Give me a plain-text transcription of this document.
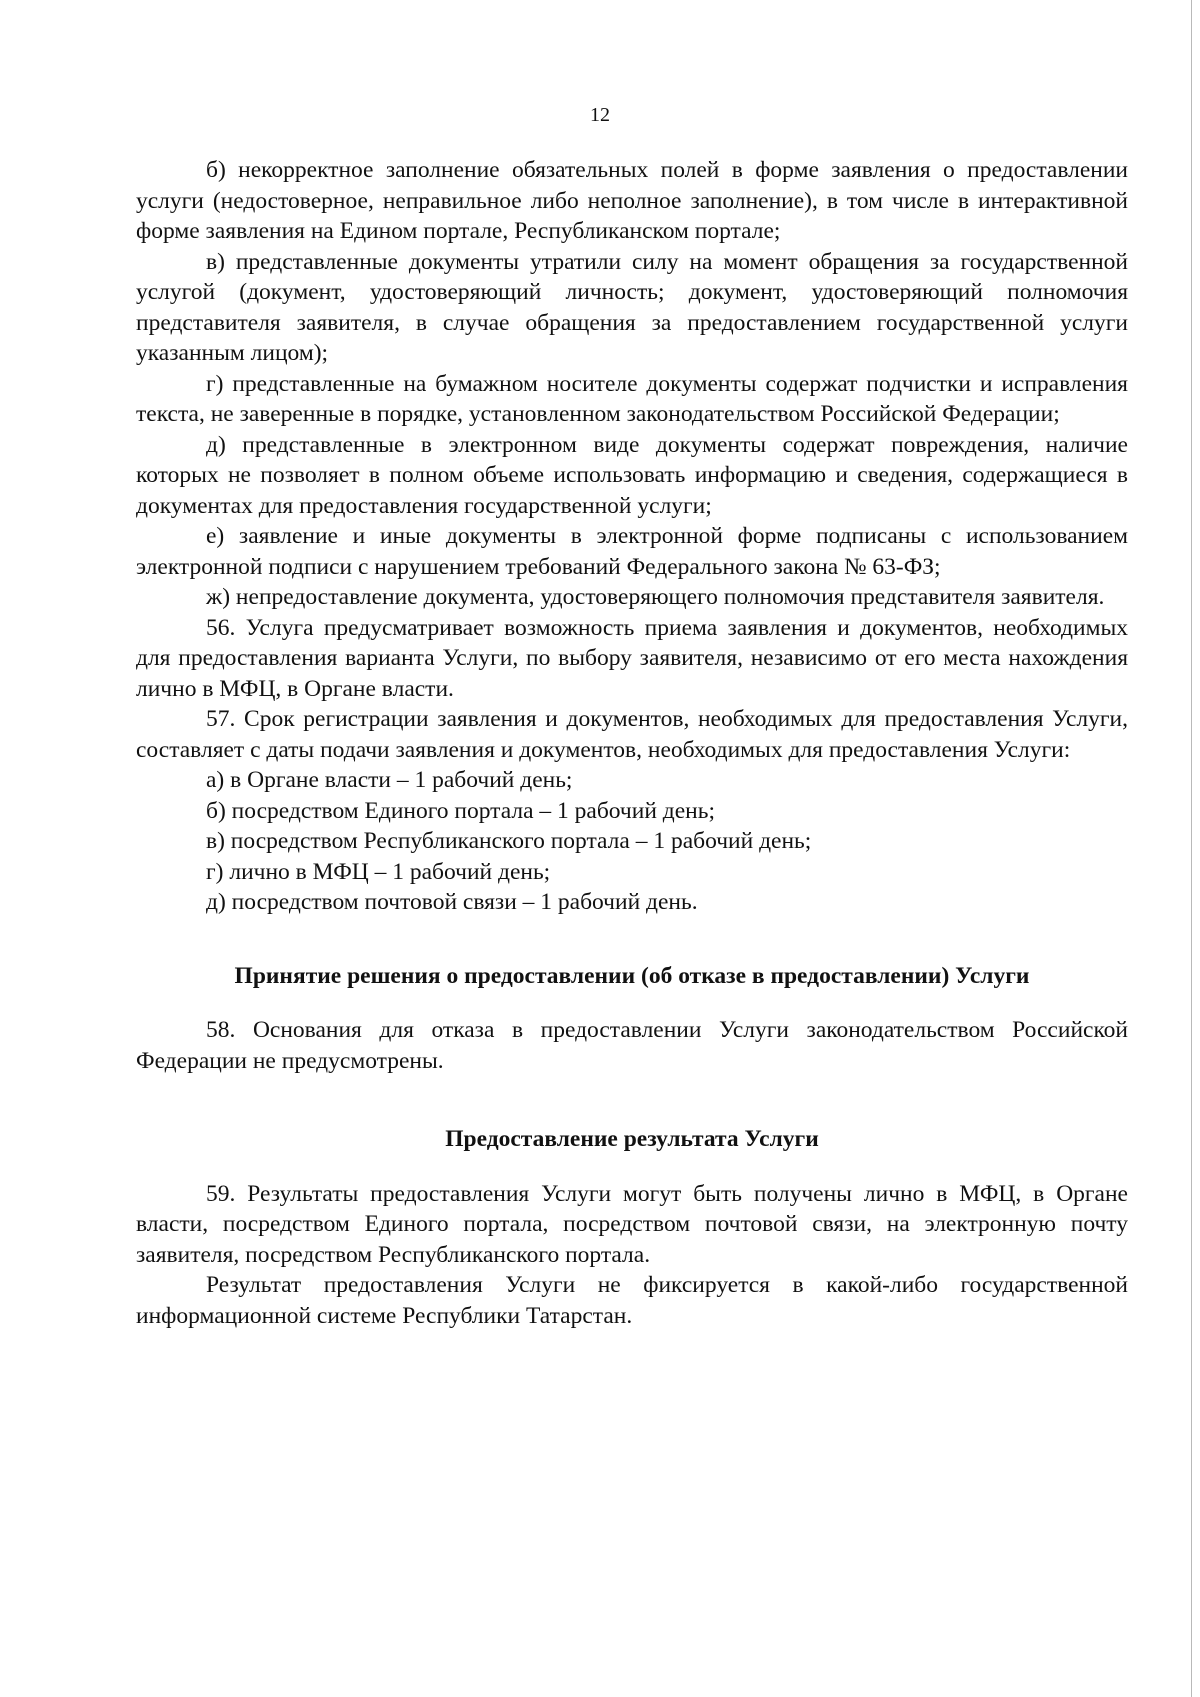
12

б) некорректное заполнение обязательных полей в форме заявления о предоставлении услуги (недостоверное, неправильное либо неполное заполнение), в том числе в интерактивной форме заявления на Едином портале, Республиканском портале;

в) представленные документы утратили силу на момент обращения за государственной услугой (документ, удостоверяющий личность; документ, удостоверяющий полномочия представителя заявителя, в случае обращения за предоставлением государственной услуги указанным лицом);

г) представленные на бумажном носителе документы содержат подчистки и исправления текста, не заверенные в порядке, установленном законодательством Российской Федерации;

д) представленные в электронном виде документы содержат повреждения, наличие которых не позволяет в полном объеме использовать информацию и сведения, содержащиеся в документах для предоставления государственной услуги;

е) заявление и иные документы в электронной форме подписаны с использованием электронной подписи с нарушением требований Федерального закона № 63-ФЗ;

ж) непредоставление документа, удостоверяющего полномочия представителя заявителя.

56. Услуга предусматривает возможность приема заявления и документов, необходимых для предоставления варианта Услуги, по выбору заявителя, независимо от его места нахождения лично в МФЦ, в Органе власти.

57. Срок регистрации заявления и документов, необходимых для предоставления Услуги, составляет с даты подачи заявления и документов, необходимых для предоставления Услуги:

а) в Органе власти – 1 рабочий день;

б) посредством Единого портала – 1 рабочий день;

в) посредством Республиканского портала – 1 рабочий день;

г) лично в МФЦ – 1 рабочий день;

д) посредством почтовой связи – 1 рабочий день.

Принятие решения о предоставлении (об отказе в предоставлении) Услуги

58. Основания для отказа в предоставлении Услуги законодательством Российской Федерации не предусмотрены.

Предоставление результата Услуги

59. Результаты предоставления Услуги могут быть получены лично в МФЦ, в Органе власти, посредством Единого портала, посредством почтовой связи, на электронную почту заявителя, посредством Республиканского портала.

Результат предоставления Услуги не фиксируется в какой-либо государственной информационной системе Республики Татарстан.
